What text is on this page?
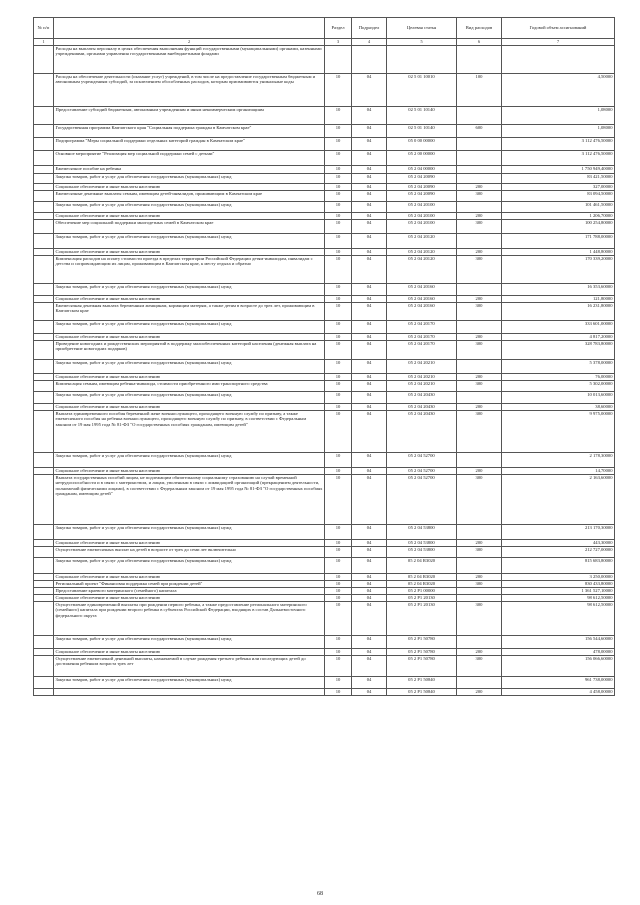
№ п/п		Раздел	Подраздел	Целевая статья	Вид расходов	Годовой объем ассигнований
1	2	3	4	5	6	7
	Расходы на выплаты персоналу в целях обеспечения выполнения функций государственными (муниципальными) органами, казенными учреждениями, органами управления государственными внебюджетными фондами					
	Расходы на обеспечение деятельности (оказание услуг) учреждений, в том числе на предоставление государственным бюджетным и автономным учреждениям субсидий, за исключением обособленных расходов, которым присваиваются уникальные коды	10	04	02 5 01 10010	100	4,50000
	Предоставление субсидий бюджетным, автономным учреждениям и иным некоммерческим организациям	10	04	02 5 01 10140		1,08000
	Государственная программа Камчатского края "Социальная поддержка граждан в Камчатском крае"	10	04	02 5 01 10140	600	1,08000
	Подпрограмма "Меры социальной поддержки отдельных категорий граждан в Камчатском крае"	10	04	05 0 00 00000		3 112 476,50000
	Основное мероприятие "Реализация мер социальной поддержки семей с детьми"	10	04	05 2 00 00000		3 112 476,50000
	Ежемесячное пособие на ребенка	10	04	05 2 04 00000		1 750 949,40000
	Закупка товаров, работ и услуг для обеспечения государственных (муниципальных) нужд	10	04	05 2 04 20090		83 421,50000
	Социальное обеспечение и иные выплаты населению	10	04	05 2 04 20090	200	327,00000
	Ежемесячные денежные выплаты семьям, имеющим детей-инвалидов, проживающим в Камчатском крае	10	04	05 2 04 20090	300	83 094,50000
	Закупка товаров, работ и услуг для обеспечения государственных (муниципальных) нужд	10	04	05 2 04 20100		101 461,50000
	Социальное обеспечение и иные выплаты населению	10	04	05 2 04 20100	200	1 206,70000
	Обеспечение мер социальной поддержки многодетных семей в Камчатском крае	10	04	05 2 04 20100	300	100 254,80000
	Закупка товаров, работ и услуг для обеспечения государственных (муниципальных) нужд	10	04	05 2 04 20120		171 788,00000
	Социальное обеспечение и иные выплаты населению	10	04	05 2 04 20120	200	1 448,80000
	Компенсация расходов на оплату стоимости проезда в пределах территории Российской Федерации детям-инвалидам, инвалидам с детства и сопровождающим их лицам, проживающим в Камчатском крае, к месту отдыха и обратно	10	04	05 2 04 20120	300	170 339,20000
	Закупка товаров, работ и услуг для обеспечения государственных (муниципальных) нужд	10	04	05 2 04 20160		16 353,60000
	Социальное обеспечение и иные выплаты населению	10	04	05 2 04 20160	200	121,80000
	Ежемесячная денежная выплата беременным женщинам, кормящим матерям, а также детям в возрасте до трех лет, проживающим в Камчатском крае	10	04	05 2 04 20160	300	16 231,80000
	Закупка товаров, работ и услуг для обеспечения государственных (муниципальных) нужд	10	04	05 2 04 20170		333 601,00000
	Социальное обеспечение и иные выплаты населению	10	04	05 2 04 20170	200	4 817,20000
	Проведение новогодних и рождественских мероприятий в поддержку малообеспеченных категорий населения (денежная выплата на приобретение новогодних подарков)	10	04	05 2 04 20170	300	328 783,80000
	Закупка товаров, работ и услуг для обеспечения государственных (муниципальных) нужд	10	04	05 2 04 20210		5 378,00000
	Социальное обеспечение и иные выплаты населению	10	04	05 2 04 20210	200	76,00000
	Компенсация семьям, имеющим ребенка-инвалида, стоимости приобретенного ими транспортного средства	10	04	05 2 04 20210	300	5 302,00000
	Закупка товаров, работ и услуг для обеспечения государственных (муниципальных) нужд	10	04	05 2 04 20430		10 013,60000
	Социальное обеспечение и иные выплаты населению	10	04	05 2 04 20430	200	38,60000
	Выплата единовременного пособия беременной жене военнослужащего, проходящего военную службу по призыву, а также ежемесячного пособия на ребенка военнослужащего, проходящего военную службу по призыву, в соответствии с Федеральным законом от 19 мая 1995 года № 81-ФЗ "О государственных пособиях гражданам, имеющим детей"	10	04	05 2 04 20430	300	9 975,00000
	Закупка товаров, работ и услуг для обеспечения государственных (муниципальных) нужд	10	04	05 2 04 52700		2 178,30000
	Социальное обеспечение и иные выплаты населению	10	04	05 2 04 52700	200	14,70000
	Выплата государственных пособий лицам, не подлежащим обязательному социальному страхованию на случай временной нетрудоспособности и в связи с материнством, и лицам, уволенным в связи с ликвидацией организаций (прекращением деятельности, полномочий физическими лицами), в соответствии с Федеральным законом от 19 мая 1995 года № 81-ФЗ "О государственных пособиях гражданам, имеющим детей"	10	04	05 2 04 52700	300	2 163,60000
	Закупка товаров, работ и услуг для обеспечения государственных (муниципальных) нужд	10	04	05 2 04 53800		213 170,30000
	Социальное обеспечение и иные выплаты населению	10	04	05 2 04 53800	200	443,30000
	Осуществление ежемесячных выплат на детей в возрасте от трех до семи лет включительно	10	04	05 2 04 53800	300	212 727,00000
	Закупка товаров, работ и услуг для обеспечения государственных (муниципальных) нужд	10	04	05 2 04 R3020		815 683,80000
	Социальное обеспечение и иные выплаты населению	10	04	05 2 04 R3020	200	3 250,00000
	Региональный проект "Финансовая поддержка семей при рождении детей"	10	04	05 2 04 R3020	300	830 433,80000
	Предоставление краевого материнского (семейного) капитала	10	04	05 2 P1 00000		1 361 527,10000
	Социальное обеспечение и иные выплаты населению	10	04	05 2 P1 20130		98 612,50000
	Осуществление единовременной выплаты при рождении первого ребенка, а также предоставление регионального материнского (семейного) капитала при рождении второго ребенка в субъектах Российской Федерации, входящих в состав Дальневосточного федерального округа	10	04	05 2 P1 20130	300	98 612,50000
	Закупка товаров, работ и услуг для обеспечения государственных (муниципальных) нужд	10	04	05 2 P1 50780		156 544,60000
	Социальное обеспечение и иные выплаты населению	10	04	05 2 P1 50780	200	478,00000
	Осуществление ежемесячной денежной выплаты, назначаемой в случае рождения третьего ребенка или последующих детей до достижения ребенком возраста трех лет	10	04	05 2 P1 50780	300	156 066,60000
	Закупка товаров, работ и услуг для обеспечения государственных (муниципальных) нужд	10	04	05 2 P1 50840		961 738,00000
		10	04	05 2 P1 50840	200	4 458,00000
68
